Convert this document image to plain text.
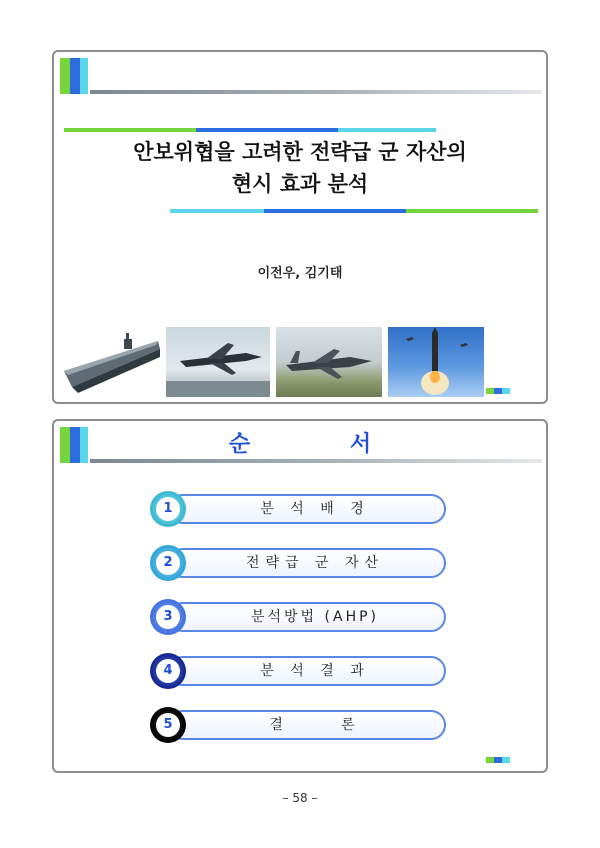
안보위협을 고려한 전략급 군 자산의
현시 효과 분석
이전우, 김기태
순 서
1	분 석 배 경
2	전략급 군 자산
3	분석방법 (AHP)
4	분 석 결 과
5	결     론
– 58 –
